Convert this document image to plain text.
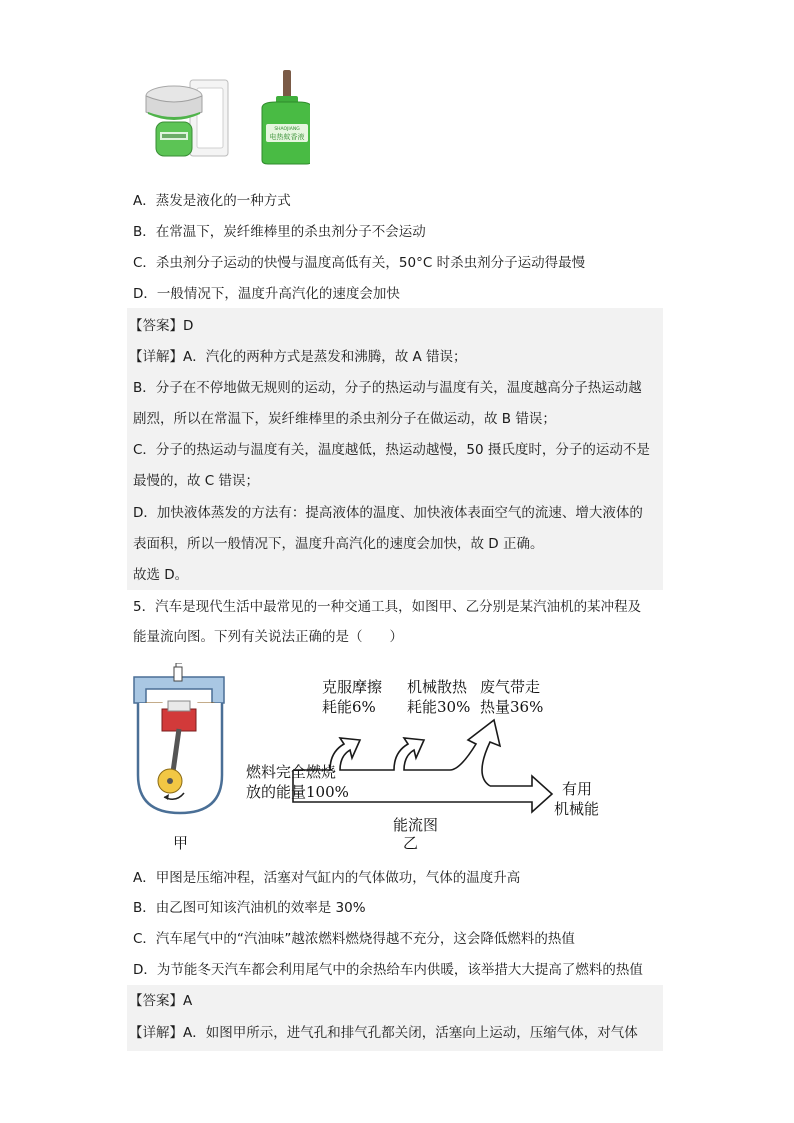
SHAOJIANG
电热蚊香液
A．蒸发是液化的一种方式
B．在常温下，炭纤维棒里的杀虫剂分子不会运动
C．杀虫剂分子运动的快慢与温度高低有关，50°C 时杀虫剂分子运动得最慢
D．一般情况下，温度升高汽化的速度会加快
【答案】D
【详解】A．汽化的两种方式是蒸发和沸腾，故 A 错误；
B．分子在不停地做无规则的运动，分子的热运动与温度有关，温度越高分子热运动越
剧烈，所以在常温下，炭纤维棒里的杀虫剂分子在做运动，故 B 错误；
C．分子的热运动与温度有关，温度越低，热运动越慢，50 摄氏度时，分子的运动不是
最慢的，故 C 错误；
D．加快液体蒸发的方法有：提高液体的温度、加快液体表面空气的流速、增大液体的
表面积，所以一般情况下，温度升高汽化的速度会加快，故 D 正确。
故选 D。
5．汽车是现代生活中最常见的一种交通工具，如图甲、乙分别是某汽油机的某冲程及
能量流向图。下列有关说法正确的是（　　）
甲
燃料完全燃烧
放的能量100%
克服摩擦
耗能6%
机械散热
耗能30%
废气带走
热量36%
有用
机械能
能流图
乙
A．甲图是压缩冲程，活塞对气缸内的气体做功，气体的温度升高
B．由乙图可知该汽油机的效率是 30%
C．汽车尾气中的“汽油味”越浓燃料燃烧得越不充分，这会降低燃料的热值
D．为节能冬天汽车都会利用尾气中的余热给车内供暖，该举措大大提高了燃料的热值
【答案】A
【详解】A．如图甲所示，进气孔和排气孔都关闭，活塞向上运动，压缩气体，对气体
